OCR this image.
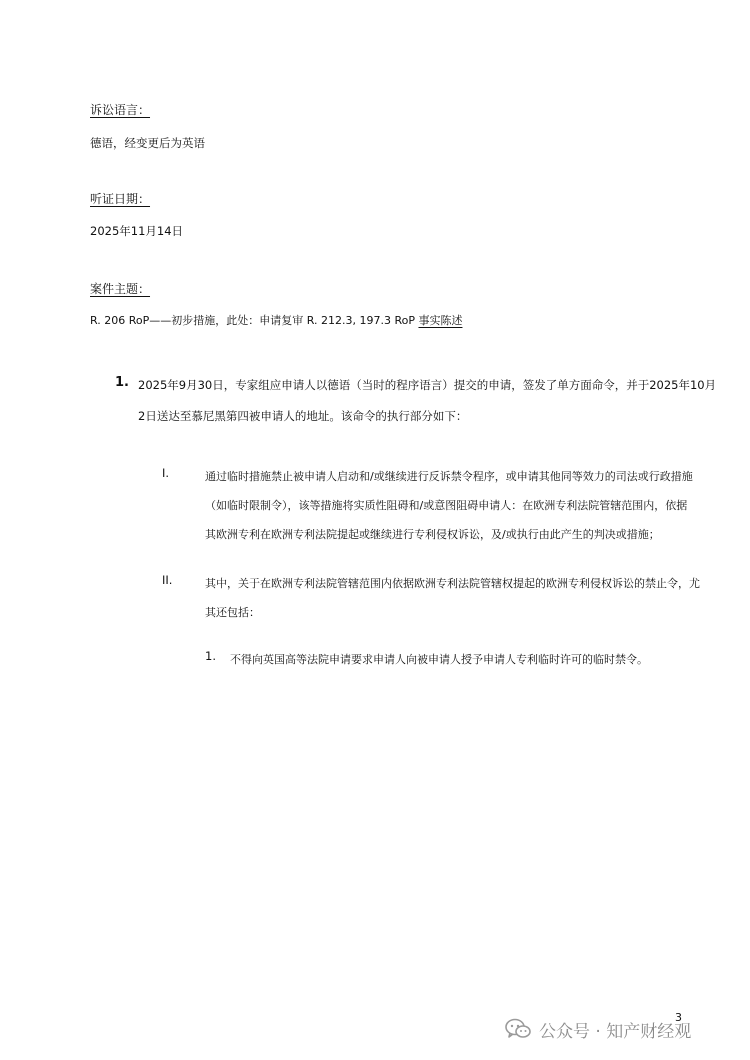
诉讼语言：
德语，经变更后为英语
听证日期：
2025年11月14日
案件主题：
R. 206 RoP——初步措施，此处：申请复审 R. 212.3, 197.3 RoP 事实陈述
1. 2025年9月30日，专家组应申请人以德语（当时的程序语言）提交的申请，签发了单方面命令，并于2025年10月
2日送达至慕尼黑第四被申请人的地址。该命令的执行部分如下：
I.	通过临时措施禁止被申请人启动和/或继续进行反诉禁令程序，或申请其他同等效力的司法或行政措施
（如临时限制令），该等措施将实质性阻碍和/或意图阻碍申请人：在欧洲专利法院管辖范围内，依据
其欧洲专利在欧洲专利法院提起或继续进行专利侵权诉讼，及/或执行由此产生的判决或措施；
II.	其中，关于在欧洲专利法院管辖范围内依据欧洲专利法院管辖权提起的欧洲专利侵权诉讼的禁止令，尤
其还包括：
1. 不得向英国高等法院申请要求申请人向被申请人授予申请人专利临时许可的临时禁令。
3
公众号 · 知产财经观
